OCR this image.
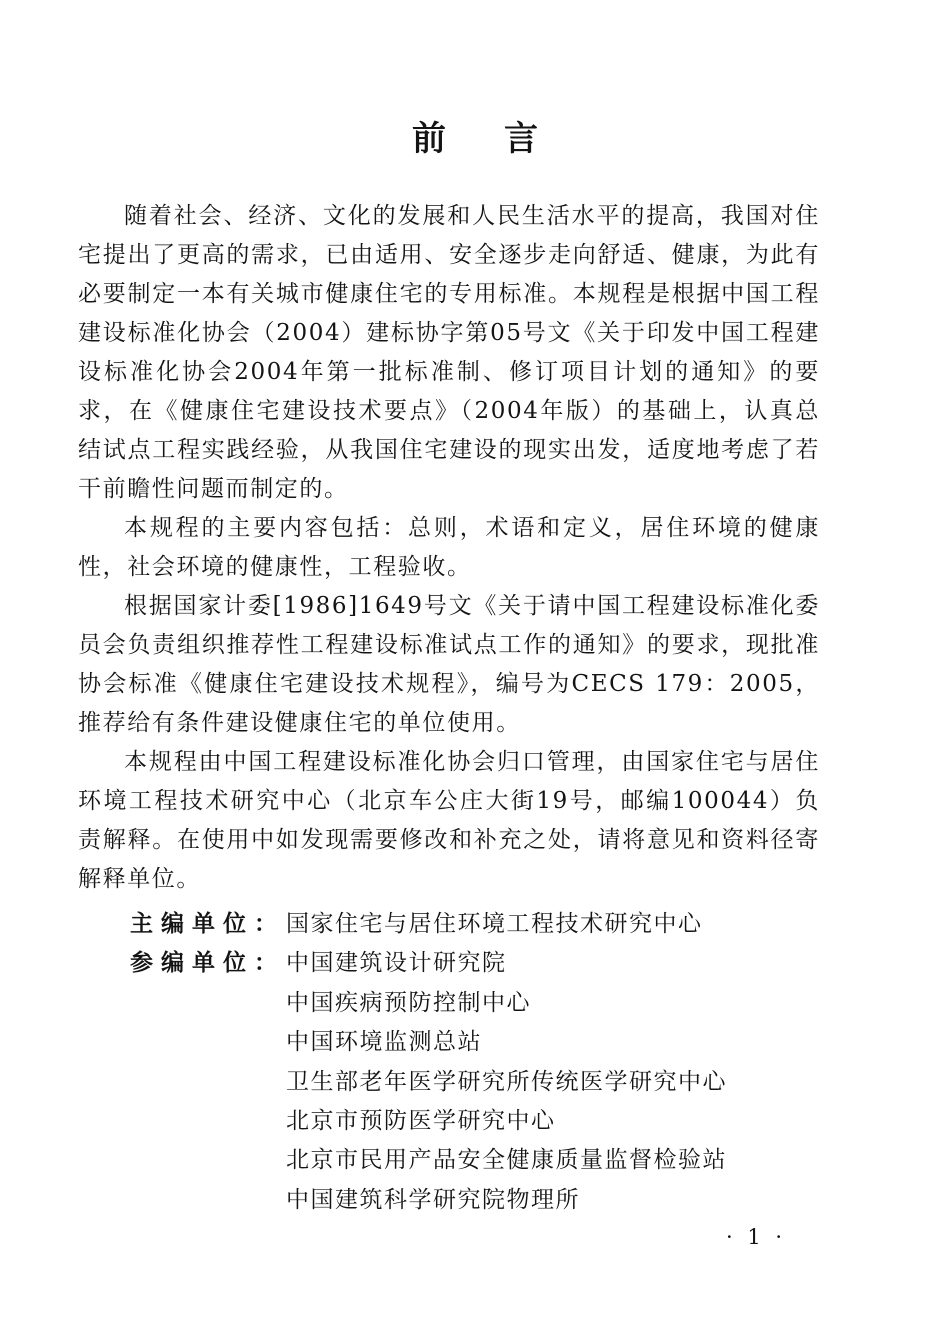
前言

随着社会、经济、文化的发展和人民生活水平的提高，我国对住宅提出了更高的需求，已由适用、安全逐步走向舒适、健康，为此有必要制定一本有关城市健康住宅的专用标准。本规程是根据中国工程建设标准化协会（2004）建标协字第05号文《关于印发中国工程建设标准化协会2004年第一批标准制、修订项目计划的通知》的要求，在《健康住宅建设技术要点》（2004年版）的基础上，认真总结试点工程实践经验，从我国住宅建设的现实出发，适度地考虑了若干前瞻性问题而制定的。

本规程的主要内容包括：总则，术语和定义，居住环境的健康性，社会环境的健康性，工程验收。

根据国家计委[1986]1649号文《关于请中国工程建设标准化委员会负责组织推荐性工程建设标准试点工作的通知》的要求，现批准协会标准《健康住宅建设技术规程》，编号为CECS 179：2005，推荐给有条件建设健康住宅的单位使用。

本规程由中国工程建设标准化协会归口管理，由国家住宅与居住环境工程技术研究中心（北京车公庄大街19号，邮编100044）负责解释。在使用中如发现需要修改和补充之处，请将意见和资料径寄解释单位。

主编单位： 国家住宅与居住环境工程技术研究中心
参编单位： 中国建筑设计研究院
中国疾病预防控制中心
中国环境监测总站
卫生部老年医学研究所传统医学研究中心
北京市预防医学研究中心
北京市民用产品安全健康质量监督检验站
中国建筑科学研究院物理所
· 1 ·
